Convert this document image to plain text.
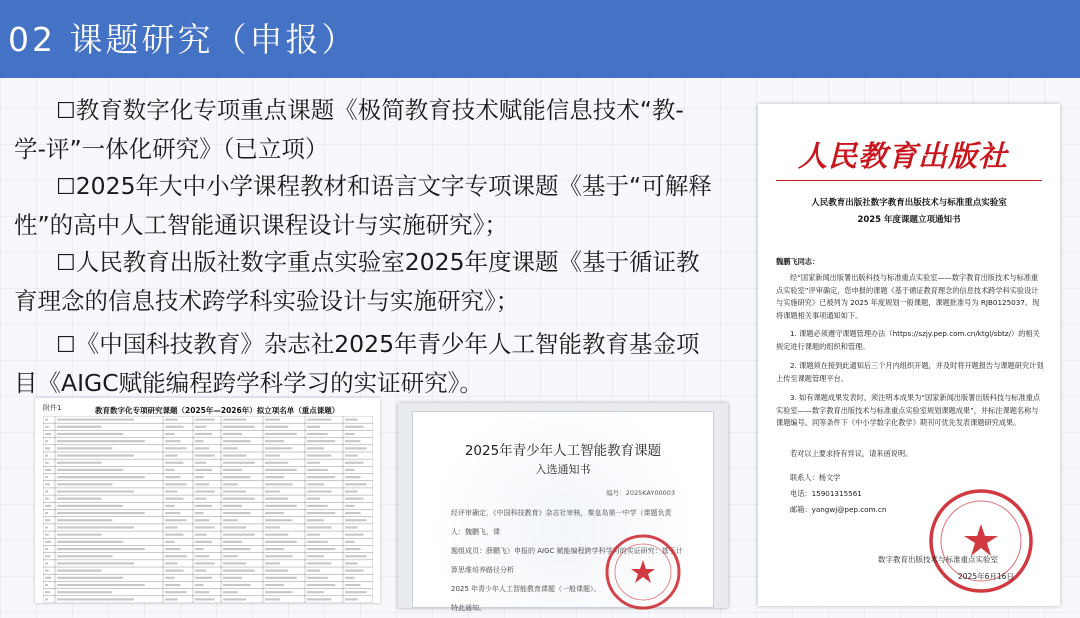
02 课题研究（申报）

☐教育数字化专项重点课题《极简教育技术赋能信息技术“教-学-评”一体化研究》（已立项）

☐2025年大中小学课程教材和语言文字专项课题《基于“可解释性”的高中人工智能通识课程设计与实施研究》；

☐人民教育出版社数字重点实验室2025年度课题《基于循证教育理念的信息技术跨学科实验设计与实施研究》；

☐《中国科技教育》杂志社2025年青少年人工智能教育基金项目《AIGC赋能编程跨学科学习的实证研究》。

附件1	教育数字化专项研究课题（2025年—2026年）拟立项名单（重点课题）
2025年青少年人工智能教育课题
入选通知书
编号：2025KAY00003
经评审确定，《中国科技教育》杂志社审核，秦皇岛第一中学（课题负责人：魏鹏飞，课
题组成员：薛鹏飞）申报的 AIGC 赋能编程跨学科学习的实证研究：基于计算思维培养路径分析
2025 年青少年人工智能教育课题（一般课题）。
特此通知。
人民教育出版社
人民教育出版社数字教育出版技术与标准重点实验室
2025 年度课题立项通知书
魏鹏飞同志：
经“国家新闻出版署出版科技与标准重点实验室——数字教育出版技术与标准重点实验室”评审确定，您申报的课题《基于循证教育理念的信息技术跨学科实验设计与实施研究》已被列为 2025 年度规划一般课题，课题批准号为 RJB0125037。现将课题相关事项通知如下。
1. 课题必须遵守课题管理办法（https://szjy.pep.com.cn/ktgl/sbtz/）的相关规定进行课题的组织和管理。
2. 课题须在接到此通知后三个月内组织开题，并及时将开题报告与课题研究计划上传至课题管理平台。
3. 如有课题成果发表时，须注明本成果为“国家新闻出版署出版科技与标准重点实验室——数字教育出版技术与标准重点实验室规划课题成果”，并标注课题名称与课题编号。同等条件下《中小学数字化教学》期刊可优先发表课题研究成果。
若对以上要求持有异议，请来函说明。
联系人：杨文学
电话：15901315561
邮箱：yangwj@pep.com.cn
数字教育出版技术与标准重点实验室
2025年6月16日
